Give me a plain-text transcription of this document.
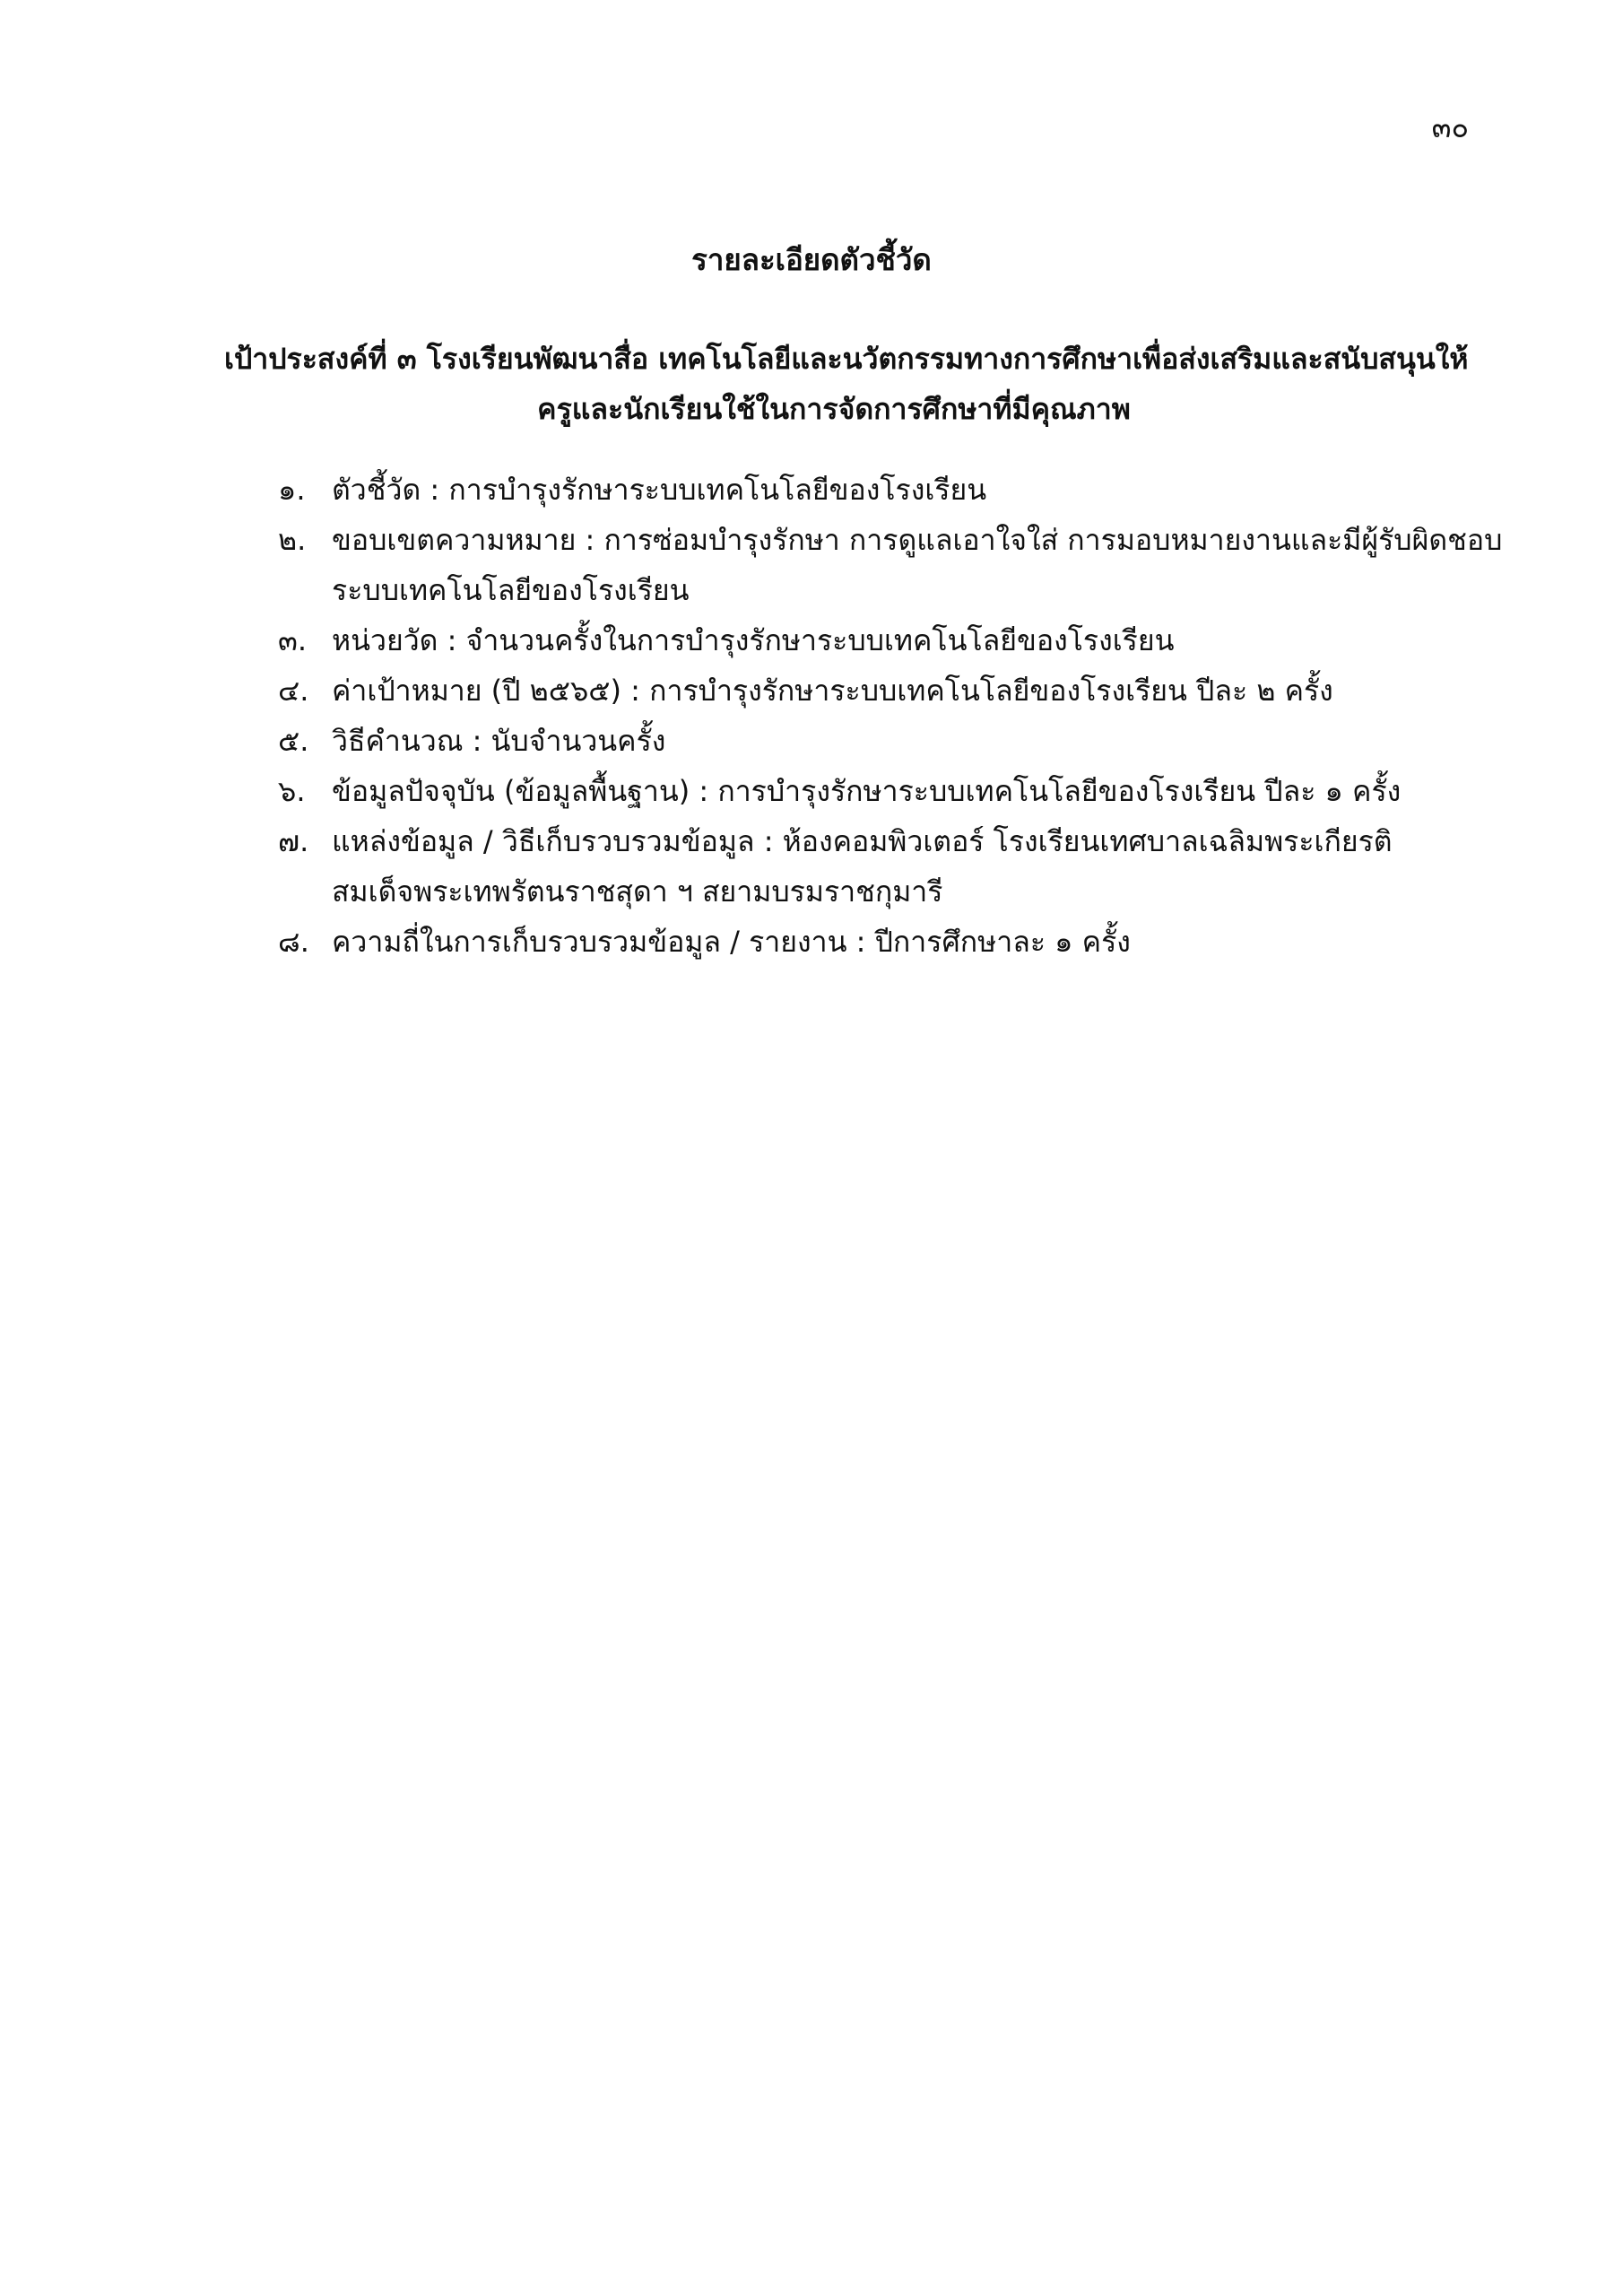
๓๐
รายละเอียดตัวชี้วัด
เป้าประสงค์ที่ ๓ โรงเรียนพัฒนาสื่อ เทคโนโลยีและนวัตกรรมทางการศึกษาเพื่อส่งเสริมและสนับสนุนให้
ครูและนักเรียนใช้ในการจัดการศึกษาที่มีคุณภาพ
๑. ตัวชี้วัด : การบำรุงรักษาระบบเทคโนโลยีของโรงเรียน
๒. ขอบเขตความหมาย : การซ่อมบำรุงรักษา การดูแลเอาใจใส่ การมอบหมายงานและมีผู้รับผิดชอบ
ระบบเทคโนโลยีของโรงเรียน
๓. หน่วยวัด : จำนวนครั้งในการบำรุงรักษาระบบเทคโนโลยีของโรงเรียน
๔. ค่าเป้าหมาย (ปี ๒๕๖๕) : การบำรุงรักษาระบบเทคโนโลยีของโรงเรียน ปีละ ๒ ครั้ง
๕. วิธีคำนวณ : นับจำนวนครั้ง
๖. ข้อมูลปัจจุบัน (ข้อมูลพื้นฐาน) : การบำรุงรักษาระบบเทคโนโลยีของโรงเรียน ปีละ ๑ ครั้ง
๗. แหล่งข้อมูล / วิธีเก็บรวบรวมข้อมูล : ห้องคอมพิวเตอร์ โรงเรียนเทศบาลเฉลิมพระเกียรติ
สมเด็จพระเทพรัตนราชสุดา ฯ สยามบรมราชกุมารี
๘. ความถี่ในการเก็บรวบรวมข้อมูล / รายงาน : ปีการศึกษาละ ๑ ครั้ง
